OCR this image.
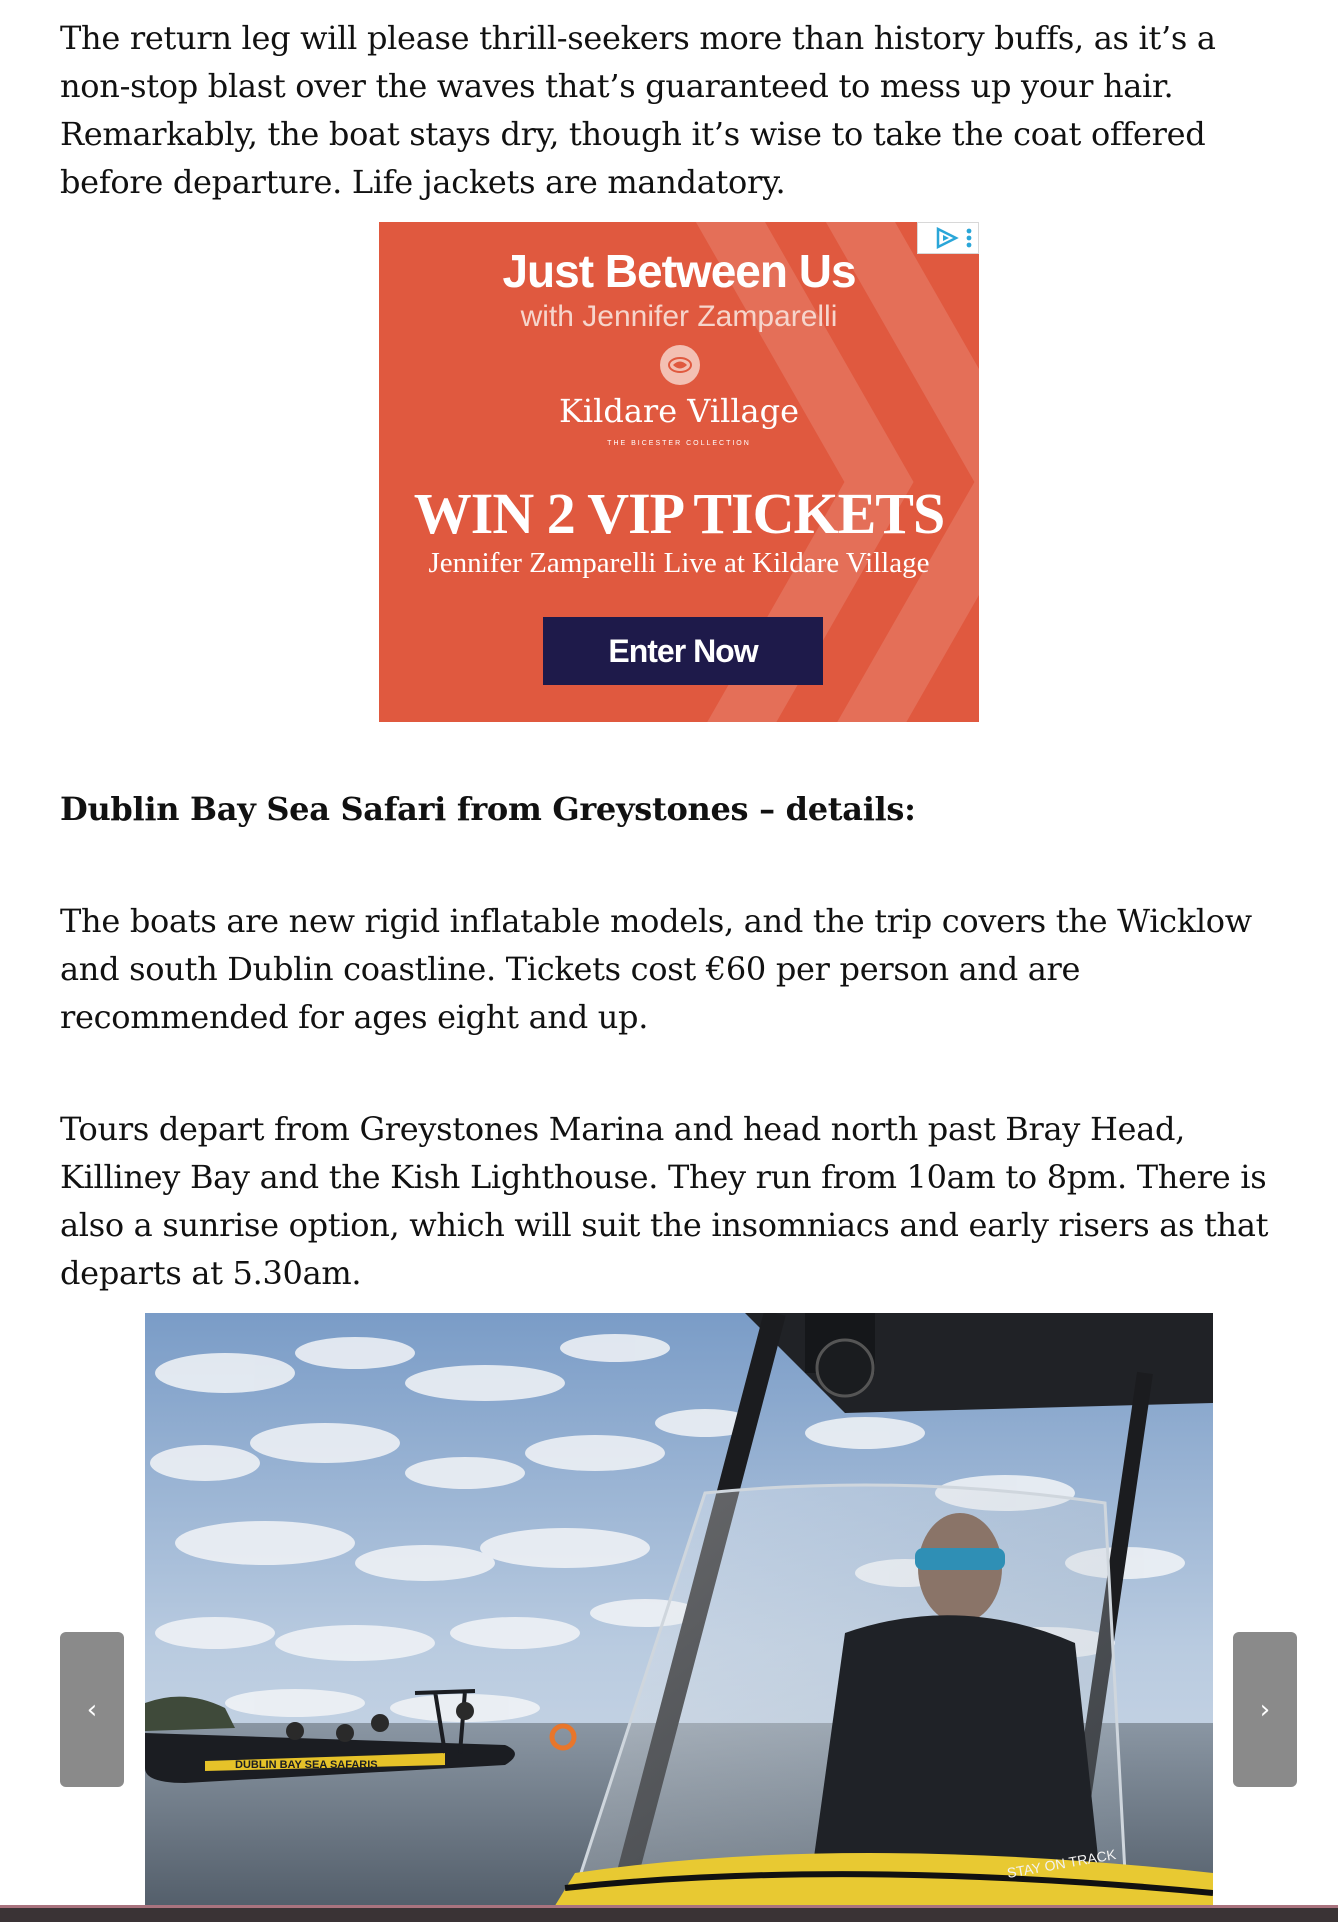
The return leg will please thrill-seekers more than history buffs, as it’s a non-stop blast over the waves that’s guaranteed to mess up your hair. Remarkably, the boat stays dry, though it’s wise to take the coat offered before departure. Life jackets are mandatory.

Just Between Us
with Jennifer Zamparelli
Kildare Village
THE BICESTER COLLECTION
WIN 2 VIP TICKETS
Jennifer Zamparelli Live at Kildare Village
Enter Now

Dublin Bay Sea Safari from Greystones – details:

The boats are new rigid inflatable models, and the trip covers the Wicklow and south Dublin coastline. Tickets cost €60 per person and are recommended for ages eight and up.

Tours depart from Greystones Marina and head north past Bray Head, Killiney Bay and the Kish Lighthouse. They run from 10am to 8pm. There is also a sunrise option, which will suit the insomniacs and early risers as that departs at 5.30am.

DUBLIN BAY SEA SAFARIS
STAY ON TRACK
‹	›
